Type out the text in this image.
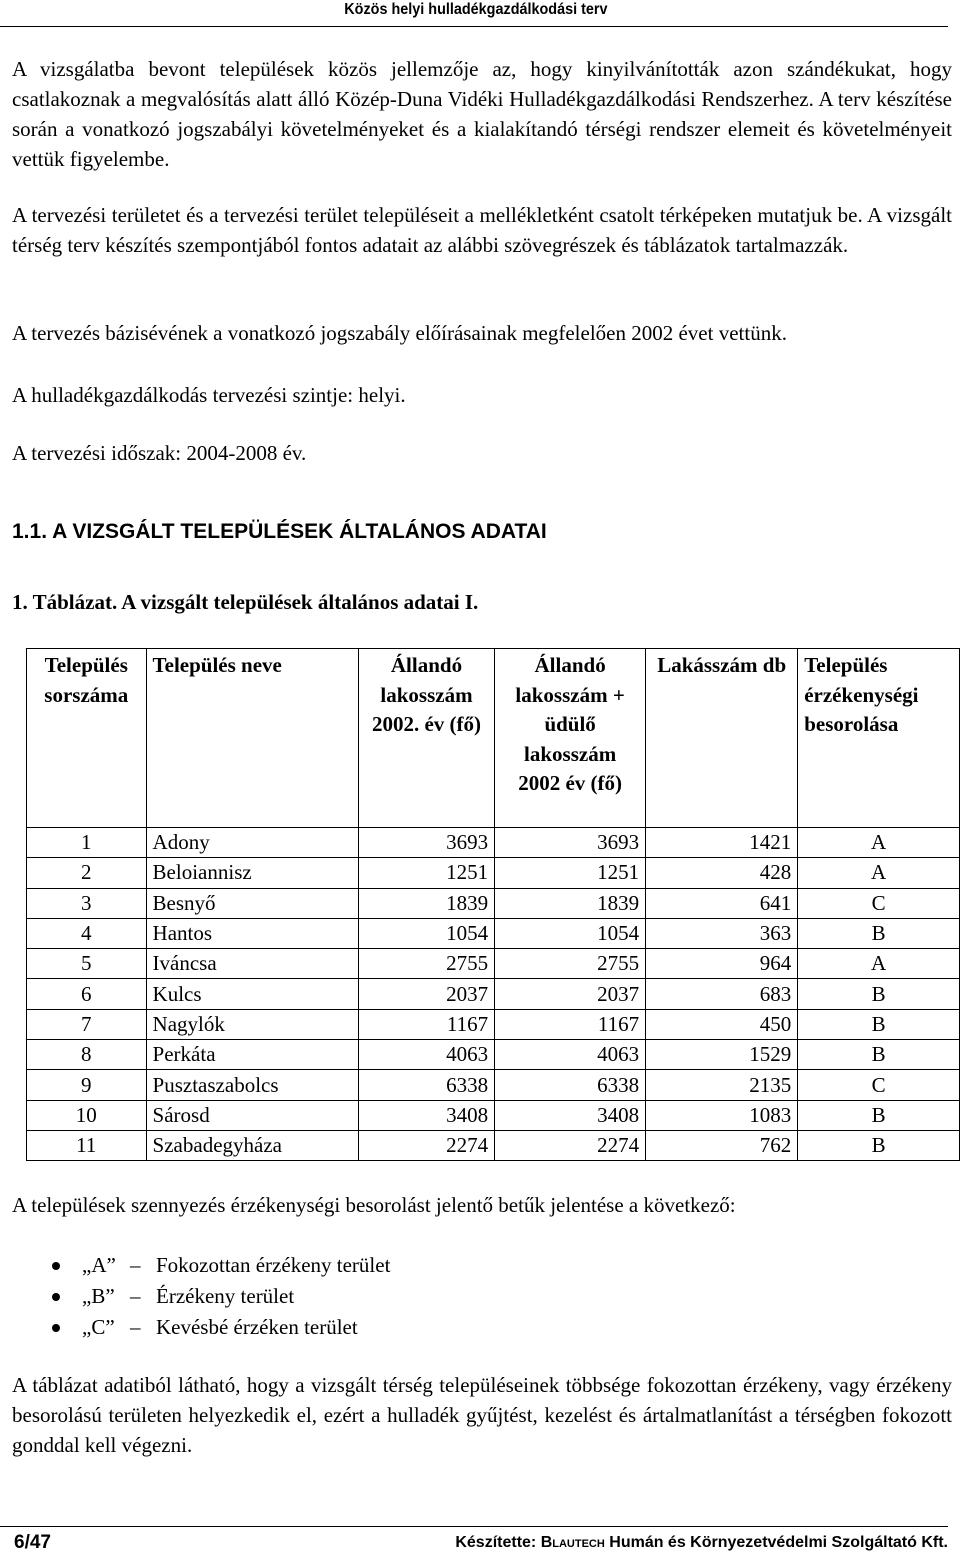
Közös helyi hulladékgazdálkodási terv

A vizsgálatba bevont települések közös jellemzője az, hogy kinyilvánították azon szándékukat, hogy csatlakoznak a megvalósítás alatt álló Közép-Duna Vidéki Hulladékgazdálkodási Rendszerhez. A terv készítése során a vonatkozó jogszabályi követelményeket és a kialakítandó térségi rendszer elemeit és követelményeit vettük figyelembe.

A tervezési területet és a tervezési terület településeit a mellékletként csatolt térképeken mutatjuk be. A vizsgált térség terv készítés szempontjából fontos adatait az alábbi szövegrészek és táblázatok tartalmazzák.

A tervezés bázisévének a vonatkozó jogszabály előírásainak megfelelően 2002 évet vettünk.

A hulladékgazdálkodás tervezési szintje: helyi.

A tervezési időszak: 2004-2008 év.

1.1. A VIZSGÁLT TELEPÜLÉSEK ÁLTALÁNOS ADATAI
1. Táblázat. A vizsgált települések általános adatai I.
Település sorszáma	Település neve	Állandó lakosszám 2002. év (fő)	Állandó lakosszám + üdülő lakosszám 2002 év (fő)	Lakásszám db	Település érzékenységi besorolása
1	Adony	3693	3693	1421	A
2	Beloiannisz	1251	1251	428	A
3	Besnyő	1839	1839	641	C
4	Hantos	1054	1054	363	B
5	Iváncsa	2755	2755	964	A
6	Kulcs	2037	2037	683	B
7	Nagylók	1167	1167	450	B
8	Perkáta	4063	4063	1529	B
9	Pusztaszabolcs	6338	6338	2135	C
10	Sárosd	3408	3408	1083	B
11	Szabadegyháza	2274	2274	762	B

A települések szennyezés érzékenységi besorolást jelentő betűk jelentése a következő:

„A” – Fokozottan érzékeny terület
„B” – Érzékeny terület
„C” – Kevésbé érzéken terület

A táblázat adatiból látható, hogy a vizsgált térség településeinek többsége fokozottan érzékeny, vagy érzékeny besorolású területen helyezkedik el, ezért a hulladék gyűjtést, kezelést és ártalmatlanítást a térségben fokozott gonddal kell végezni.

6/47	Készítette: Blautech Humán és Környezetvédelmi Szolgáltató Kft.
